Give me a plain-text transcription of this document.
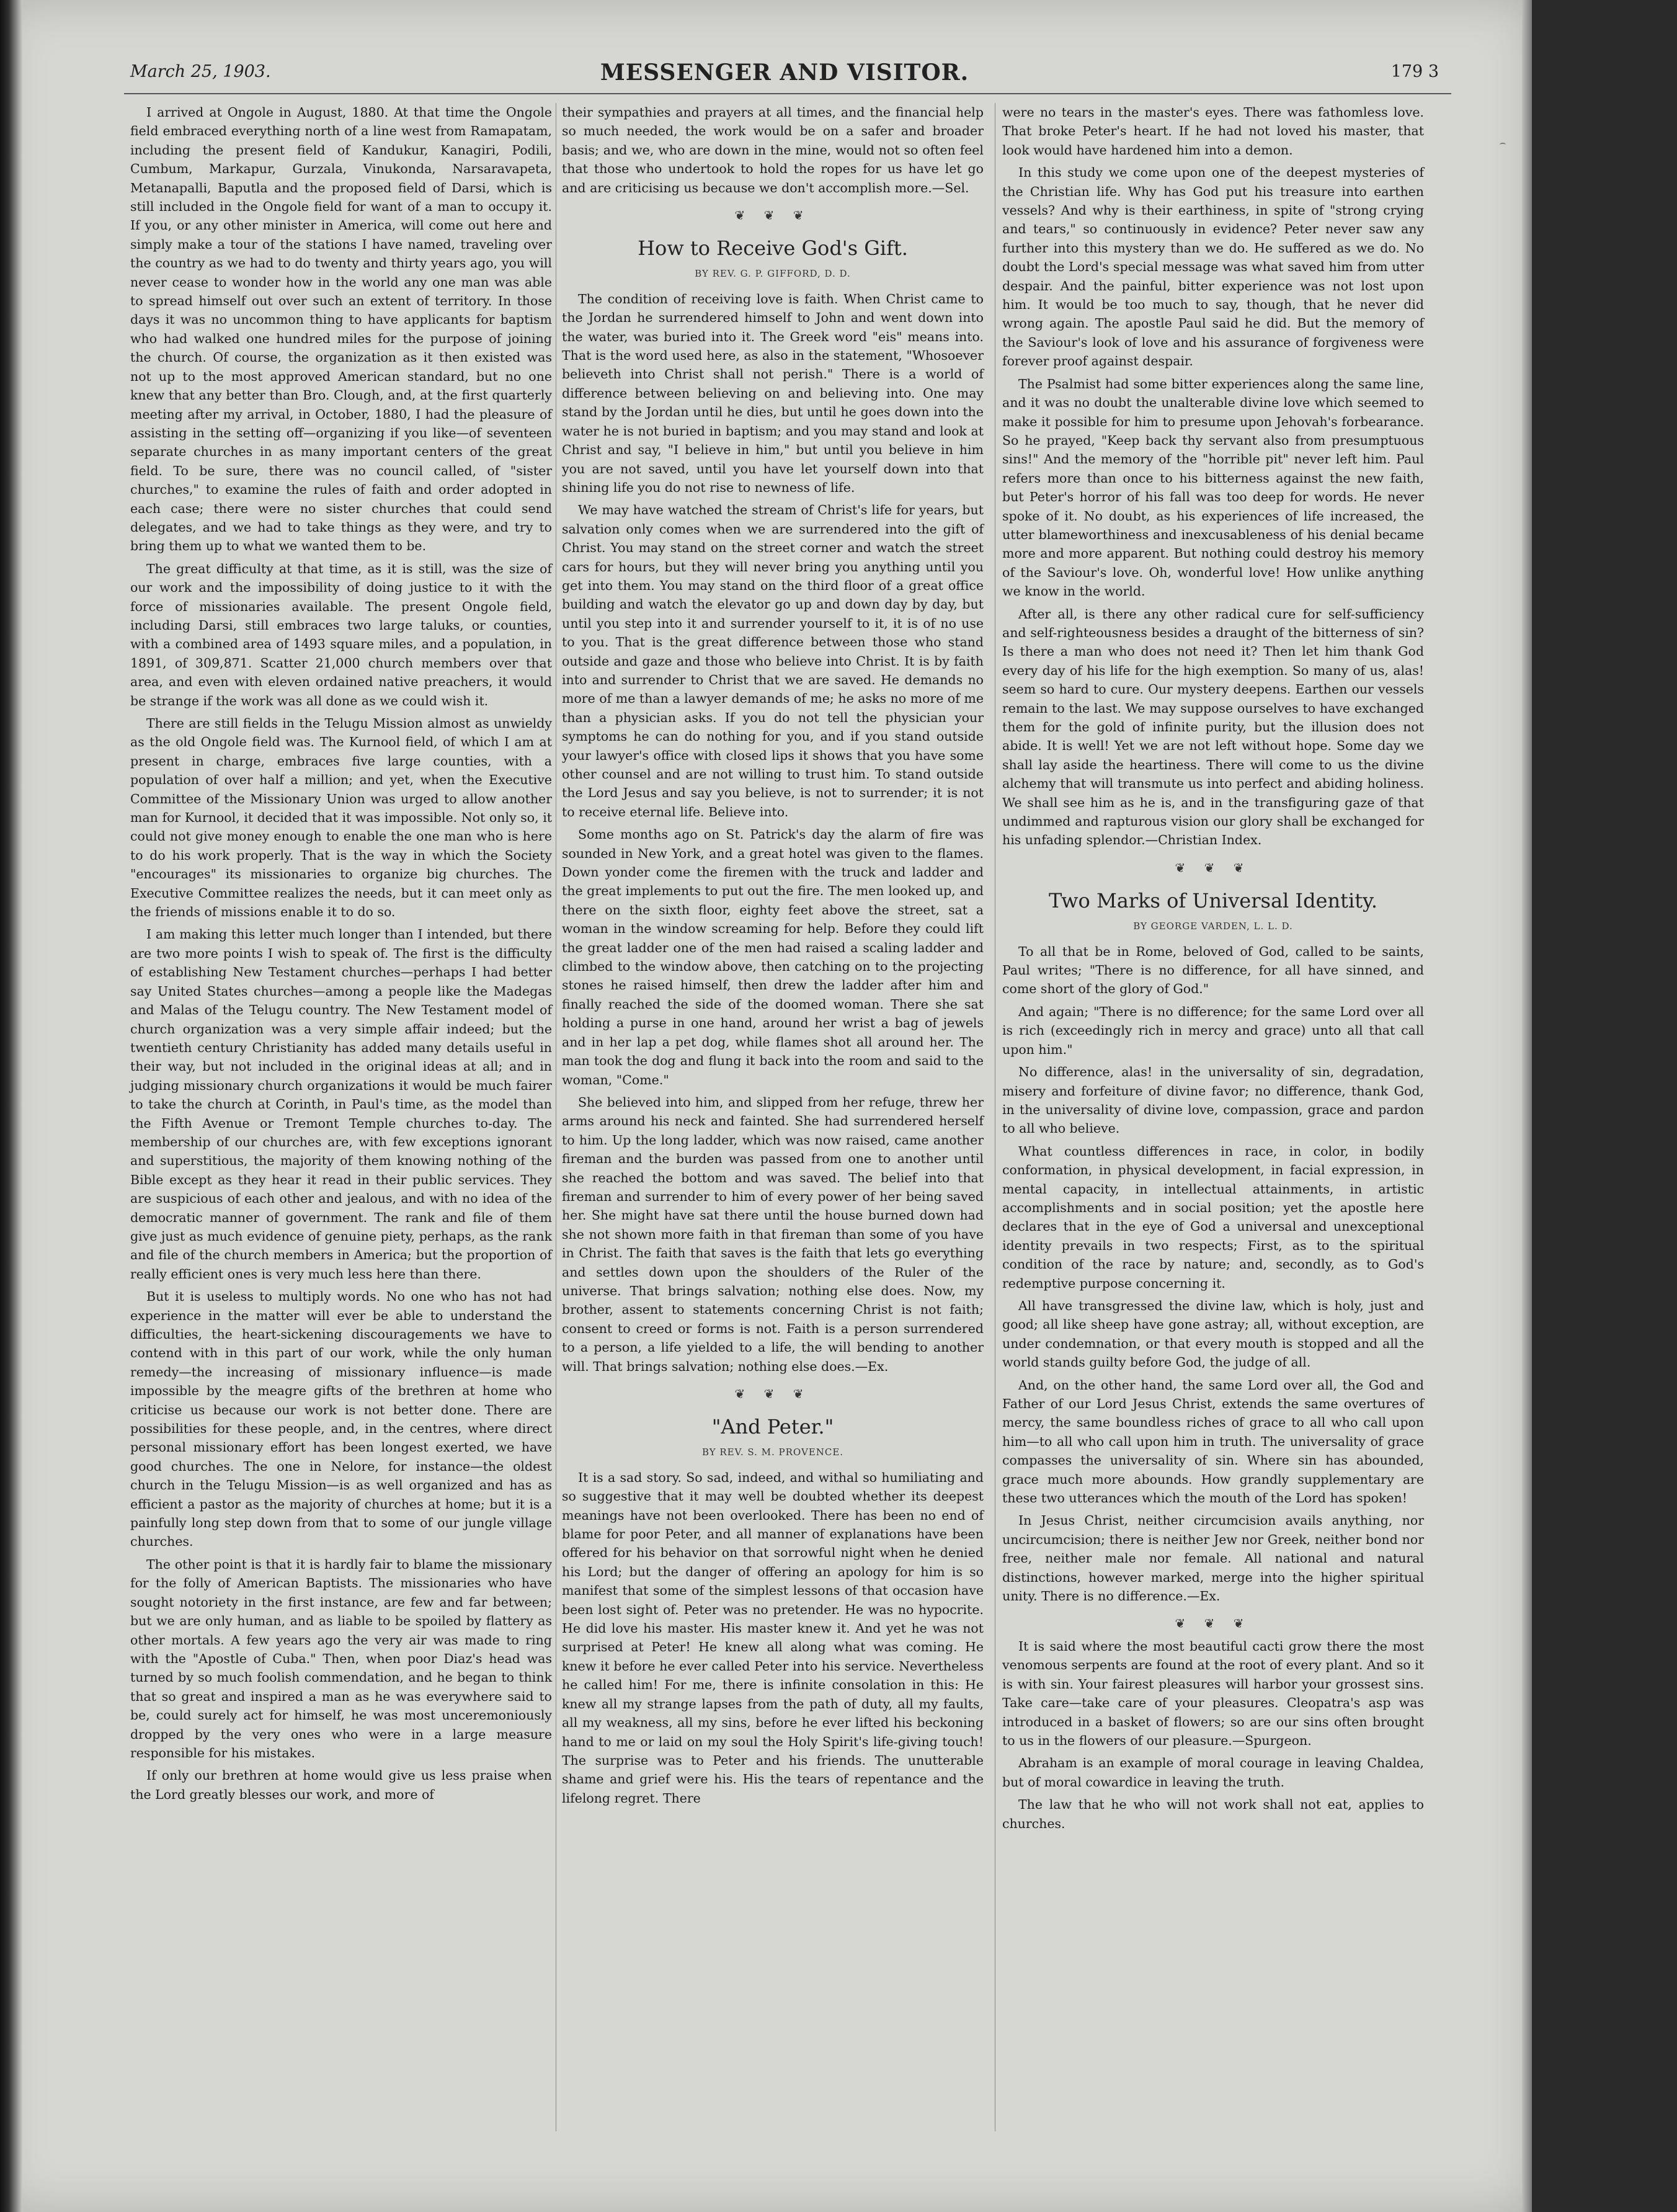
March 25, 1903.	MESSENGER AND VISITOR.	179 3

I arrived at Ongole in August, 1880. At that time the Ongole field embraced everything north of a line west from Ramapatam, including the present field of Kandukur, Kanagiri, Podili, Cumbum, Markapur, Gurzala, Vinukonda, Narsaravapeta, Metanapalli, Baputla and the proposed field of Darsi, which is still included in the Ongole field for want of a man to occupy it. If you, or any other minister in America, will come out here and simply make a tour of the stations I have named, traveling over the country as we had to do twenty and thirty years ago, you will never cease to wonder how in the world any one man was able to spread himself out over such an extent of territory. In those days it was no uncommon thing to have applicants for baptism who had walked one hundred miles for the purpose of joining the church. Of course, the organization as it then existed was not up to the most approved American standard, but no one knew that any better than Bro. Clough, and, at the first quarterly meeting after my arrival, in October, 1880, I had the pleasure of assisting in the setting off—organizing if you like—of seventeen separate churches in as many important centers of the great field. To be sure, there was no council called, of "sister churches," to examine the rules of faith and order adopted in each case; there were no sister churches that could send delegates, and we had to take things as they were, and try to bring them up to what we wanted them to be.

The great difficulty at that time, as it is still, was the size of our work and the impossibility of doing justice to it with the force of missionaries available. The present Ongole field, including Darsi, still embraces two large taluks, or counties, with a combined area of 1493 square miles, and a population, in 1891, of 309,871. Scatter 21,000 church members over that area, and even with eleven ordained native preachers, it would be strange if the work was all done as we could wish it.

There are still fields in the Telugu Mission almost as unwieldy as the old Ongole field was. The Kurnool field, of which I am at present in charge, embraces five large counties, with a population of over half a million; and yet, when the Executive Committee of the Missionary Union was urged to allow another man for Kurnool, it decided that it was impossible. Not only so, it could not give money enough to enable the one man who is here to do his work properly. That is the way in which the Society "encourages" its missionaries to organize big churches. The Executive Committee realizes the needs, but it can meet only as the friends of missions enable it to do so.

I am making this letter much longer than I intended, but there are two more points I wish to speak of. The first is the difficulty of establishing New Testament churches—perhaps I had better say United States churches—among a people like the Madegas and Malas of the Telugu country. The New Testament model of church organization was a very simple affair indeed; but the twentieth century Christianity has added many details useful in their way, but not included in the original ideas at all; and in judging missionary church organizations it would be much fairer to take the church at Corinth, in Paul's time, as the model than the Fifth Avenue or Tremont Temple churches to-day. The membership of our churches are, with few exceptions ignorant and superstitious, the majority of them knowing nothing of the Bible except as they hear it read in their public services. They are suspicious of each other and jealous, and with no idea of the democratic manner of government. The rank and file of them give just as much evidence of genuine piety, perhaps, as the rank and file of the church members in America; but the proportion of really efficient ones is very much less here than there.

But it is useless to multiply words. No one who has not had experience in the matter will ever be able to understand the difficulties, the heart-sickening discouragements we have to contend with in this part of our work, while the only human remedy—the increasing of missionary influence—is made impossible by the meagre gifts of the brethren at home who criticise us because our work is not better done. There are possibilities for these people, and, in the centres, where direct personal missionary effort has been longest exerted, we have good churches. The one in Nelore, for instance—the oldest church in the Telugu Mission—is as well organized and has as efficient a pastor as the majority of churches at home; but it is a painfully long step down from that to some of our jungle village churches.

The other point is that it is hardly fair to blame the missionary for the folly of American Baptists. The missionaries who have sought notoriety in the first instance, are few and far between; but we are only human, and as liable to be spoiled by flattery as other mortals. A few years ago the very air was made to ring with the "Apostle of Cuba." Then, when poor Diaz's head was turned by so much foolish commendation, and he began to think that so great and inspired a man as he was everywhere said to be, could surely act for himself, he was most unceremoniously dropped by the very ones who were in a large measure responsible for his mistakes.

If only our brethren at home would give us less praise when the Lord greatly blesses our work, and more of

their sympathies and prayers at all times, and the financial help so much needed, the work would be on a safer and broader basis; and we, who are down in the mine, would not so often feel that those who undertook to hold the ropes for us have let go and are criticising us because we don't accomplish more.—Sel.

❦ ❦ ❦
How to Receive God's Gift.
BY REV. G. P. GIFFORD, D. D.

The condition of receiving love is faith. When Christ came to the Jordan he surrendered himself to John and went down into the water, was buried into it. The Greek word "eis" means into. That is the word used here, as also in the statement, "Whosoever believeth into Christ shall not perish." There is a world of difference between believing on and believing into. One may stand by the Jordan until he dies, but until he goes down into the water he is not buried in baptism; and you may stand and look at Christ and say, "I believe in him," but until you believe in him you are not saved, until you have let yourself down into that shining life you do not rise to newness of life.

We may have watched the stream of Christ's life for years, but salvation only comes when we are surrendered into the gift of Christ. You may stand on the street corner and watch the street cars for hours, but they will never bring you anything until you get into them. You may stand on the third floor of a great office building and watch the elevator go up and down day by day, but until you step into it and surrender yourself to it, it is of no use to you. That is the great difference between those who stand outside and gaze and those who believe into Christ. It is by faith into and surrender to Christ that we are saved. He demands no more of me than a lawyer demands of me; he asks no more of me than a physician asks. If you do not tell the physician your symptoms he can do nothing for you, and if you stand outside your lawyer's office with closed lips it shows that you have some other counsel and are not willing to trust him. To stand outside the Lord Jesus and say you believe, is not to surrender; it is not to receive eternal life. Believe into.

Some months ago on St. Patrick's day the alarm of fire was sounded in New York, and a great hotel was given to the flames. Down yonder come the firemen with the truck and ladder and the great implements to put out the fire. The men looked up, and there on the sixth floor, eighty feet above the street, sat a woman in the window screaming for help. Before they could lift the great ladder one of the men had raised a scaling ladder and climbed to the window above, then catching on to the projecting stones he raised himself, then drew the ladder after him and finally reached the side of the doomed woman. There she sat holding a purse in one hand, around her wrist a bag of jewels and in her lap a pet dog, while flames shot all around her. The man took the dog and flung it back into the room and said to the woman, "Come."

She believed into him, and slipped from her refuge, threw her arms around his neck and fainted. She had surrendered herself to him. Up the long ladder, which was now raised, came another fireman and the burden was passed from one to another until she reached the bottom and was saved. The belief into that fireman and surrender to him of every power of her being saved her. She might have sat there until the house burned down had she not shown more faith in that fireman than some of you have in Christ. The faith that saves is the faith that lets go everything and settles down upon the shoulders of the Ruler of the universe. That brings salvation; nothing else does. Now, my brother, assent to statements concerning Christ is not faith; consent to creed or forms is not. Faith is a person surrendered to a person, a life yielded to a life, the will bending to another will. That brings salvation; nothing else does.—Ex.

❦ ❦ ❦
"And Peter."
BY REV. S. M. PROVENCE.

It is a sad story. So sad, indeed, and withal so humiliating and so suggestive that it may well be doubted whether its deepest meanings have not been overlooked. There has been no end of blame for poor Peter, and all manner of explanations have been offered for his behavior on that sorrowful night when he denied his Lord; but the danger of offering an apology for him is so manifest that some of the simplest lessons of that occasion have been lost sight of. Peter was no pretender. He was no hypocrite. He did love his master. His master knew it. And yet he was not surprised at Peter! He knew all along what was coming. He knew it before he ever called Peter into his service. Nevertheless he called him! For me, there is infinite consolation in this: He knew all my strange lapses from the path of duty, all my faults, all my weakness, all my sins, before he ever lifted his beckoning hand to me or laid on my soul the Holy Spirit's life-giving touch! The surprise was to Peter and his friends. The unutterable shame and grief were his. His the tears of repentance and the lifelong regret. There

were no tears in the master's eyes. There was fathomless love. That broke Peter's heart. If he had not loved his master, that look would have hardened him into a demon.

In this study we come upon one of the deepest mysteries of the Christian life. Why has God put his treasure into earthen vessels? And why is their earthiness, in spite of "strong crying and tears," so continuously in evidence? Peter never saw any further into this mystery than we do. He suffered as we do. No doubt the Lord's special message was what saved him from utter despair. And the painful, bitter experience was not lost upon him. It would be too much to say, though, that he never did wrong again. The apostle Paul said he did. But the memory of the Saviour's look of love and his assurance of forgiveness were forever proof against despair.

The Psalmist had some bitter experiences along the same line, and it was no doubt the unalterable divine love which seemed to make it possible for him to presume upon Jehovah's forbearance. So he prayed, "Keep back thy servant also from presumptuous sins!" And the memory of the "horrible pit" never left him. Paul refers more than once to his bitterness against the new faith, but Peter's horror of his fall was too deep for words. He never spoke of it. No doubt, as his experiences of life increased, the utter blameworthiness and inexcusableness of his denial became more and more apparent. But nothing could destroy his memory of the Saviour's love. Oh, wonderful love! How unlike anything we know in the world.

After all, is there any other radical cure for self-sufficiency and self-righteousness besides a draught of the bitterness of sin? Is there a man who does not need it? Then let him thank God every day of his life for the high exemption. So many of us, alas! seem so hard to cure. Our mystery deepens. Earthen our vessels remain to the last. We may suppose ourselves to have exchanged them for the gold of infinite purity, but the illusion does not abide. It is well! Yet we are not left without hope. Some day we shall lay aside the heartiness. There will come to us the divine alchemy that will transmute us into perfect and abiding holiness. We shall see him as he is, and in the transfiguring gaze of that undimmed and rapturous vision our glory shall be exchanged for his unfading splendor.—Christian Index.

❦ ❦ ❦
Two Marks of Universal Identity.
BY GEORGE VARDEN, L. L. D.

To all that be in Rome, beloved of God, called to be saints, Paul writes; "There is no difference, for all have sinned, and come short of the glory of God."

And again; "There is no difference; for the same Lord over all is rich (exceedingly rich in mercy and grace) unto all that call upon him."

No difference, alas! in the universality of sin, degradation, misery and forfeiture of divine favor; no difference, thank God, in the universality of divine love, compassion, grace and pardon to all who believe.

What countless differences in race, in color, in bodily conformation, in physical development, in facial expression, in mental capacity, in intellectual attainments, in artistic accomplishments and in social position; yet the apostle here declares that in the eye of God a universal and unexceptional identity prevails in two respects; First, as to the spiritual condition of the race by nature; and, secondly, as to God's redemptive purpose concerning it.

All have transgressed the divine law, which is holy, just and good; all like sheep have gone astray; all, without exception, are under condemnation, or that every mouth is stopped and all the world stands guilty before God, the judge of all.

And, on the other hand, the same Lord over all, the God and Father of our Lord Jesus Christ, extends the same overtures of mercy, the same boundless riches of grace to all who call upon him—to all who call upon him in truth. The universality of grace compasses the universality of sin. Where sin has abounded, grace much more abounds. How grandly supplementary are these two utterances which the mouth of the Lord has spoken!

In Jesus Christ, neither circumcision avails anything, nor uncircumcision; there is neither Jew nor Greek, neither bond nor free, neither male nor female. All national and natural distinctions, however marked, merge into the higher spiritual unity. There is no difference.—Ex.

❦ ❦ ❦

It is said where the most beautiful cacti grow there the most venomous serpents are found at the root of every plant. And so it is with sin. Your fairest pleasures will harbor your grossest sins. Take care—take care of your pleasures. Cleopatra's asp was introduced in a basket of flowers; so are our sins often brought to us in the flowers of our pleasure.—Spurgeon.

Abraham is an example of moral courage in leaving Chaldea, but of moral cowardice in leaving the truth.

The law that he who will not work shall not eat, applies to churches.
